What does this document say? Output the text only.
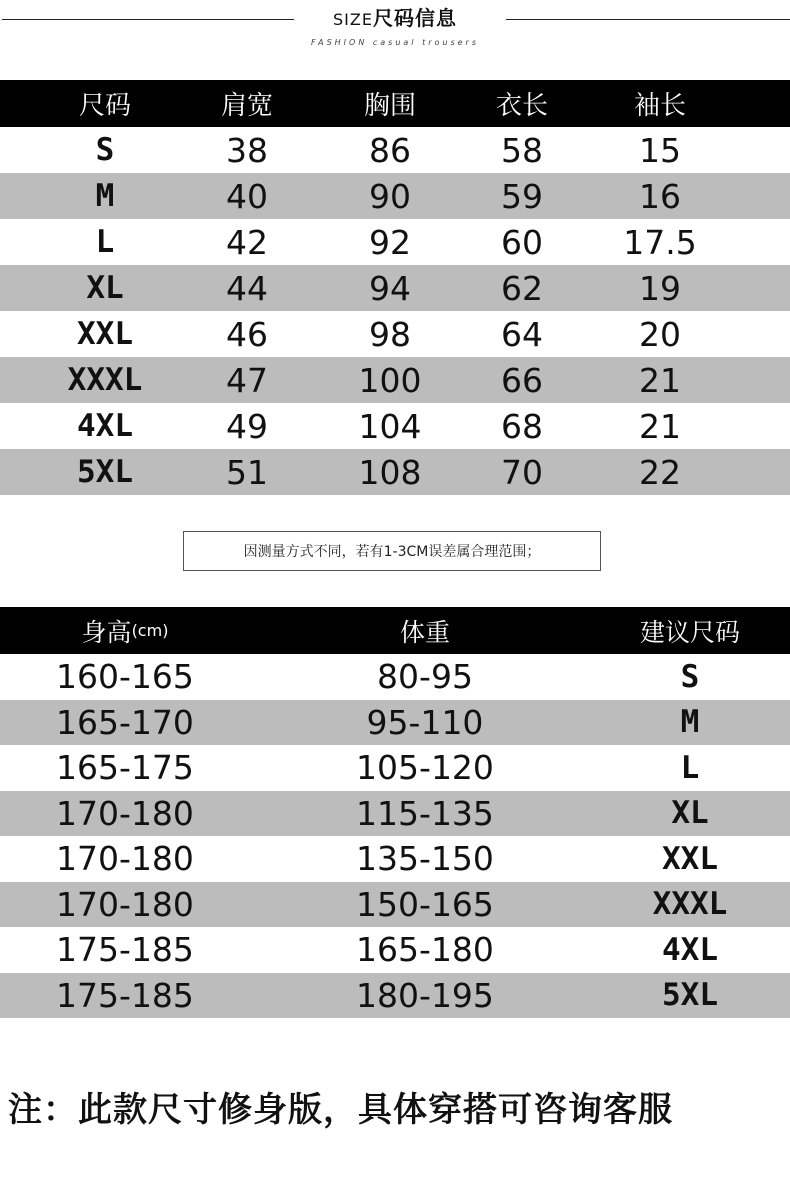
SIZE尺码信息
FASHION casual trousers
尺码	肩宽	胸围	衣长	袖长
S	38	86	58	15
M	40	90	59	16
L	42	92	60	17.5
XL	44	94	62	19
XXL	46	98	64	20
XXXL	47	100	66	21
4XL	49	104	68	21
5XL	51	108	70	22
因测量方式不同，若有1-3CM误差属合理范围；
身高 (cm)	体重	建议尺码
160-165	80-95	S
165-170	95-110	M
165-175	105-120	L
170-180	115-135	XL
170-180	135-150	XXL
170-180	150-165	XXXL
175-185	165-180	4XL
175-185	180-195	5XL
注：此款尺寸修身版，具体穿搭可咨询客服
